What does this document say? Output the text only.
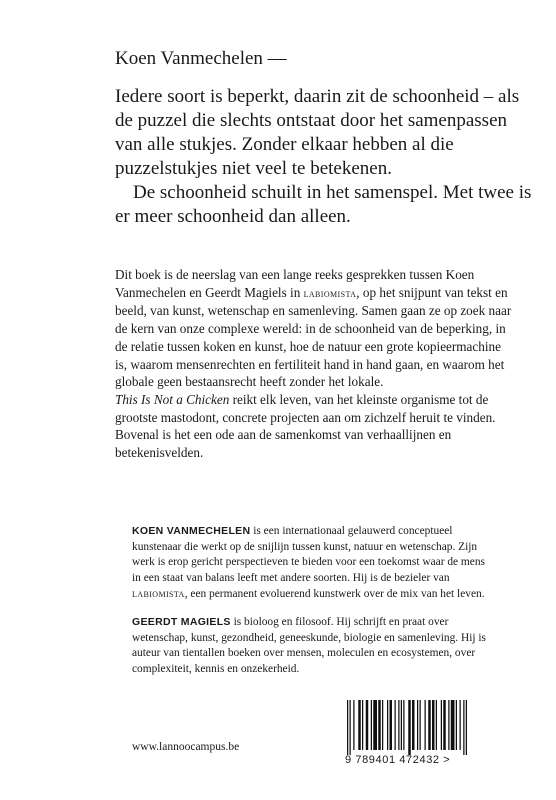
Koen Vanmechelen —

Iedere soort is beperkt, daarin zit de schoonheid – als de puzzel die slechts ontstaat door het samenpassen van alle stukjes. Zonder elkaar hebben al die puzzelstukjes niet veel te betekenen.

De schoonheid schuilt in het samenspel. Met twee is er meer schoonheid dan alleen.

Dit boek is de neerslag van een lange reeks gesprekken tussen Koen Vanmechelen en Geerdt Magiels in labiomista, op het snijpunt van tekst en beeld, van kunst, wetenschap en samenleving. Samen gaan ze op zoek naar de kern van onze complexe wereld: in de schoonheid van de beperking, in de relatie tussen koken en kunst, hoe de natuur een grote kopieermachine is, waarom mensenrechten en fertiliteit hand in hand gaan, en waarom het globale geen bestaansrecht heeft zonder het lokale.

This Is Not a Chicken reikt elk leven, van het kleinste organisme tot de grootste mastodont, concrete projecten aan om zichzelf heruit te vinden. Bovenal is het een ode aan de samenkomst van verhaallijnen en betekenisvelden.

KOEN VANMECHELEN is een internationaal gelauwerd conceptueel kunstenaar die werkt op de snijlijn tussen kunst, natuur en wetenschap. Zijn werk is erop gericht perspectieven te bieden voor een toekomst waar de mens in een staat van balans leeft met andere soorten. Hij is de bezieler van labiomista, een permanent evoluerend kunstwerk over de mix van het leven.

GEERDT MAGIELS is bioloog en filosoof. Hij schrijft en praat over wetenschap, kunst, gezondheid, geneeskunde, biologie en samenleving. Hij is auteur van tientallen boeken over mensen, moleculen en ecosystemen, over complexiteit, kennis en onzekerheid.

www.lannoocampus.be
9 789401 472432 >
